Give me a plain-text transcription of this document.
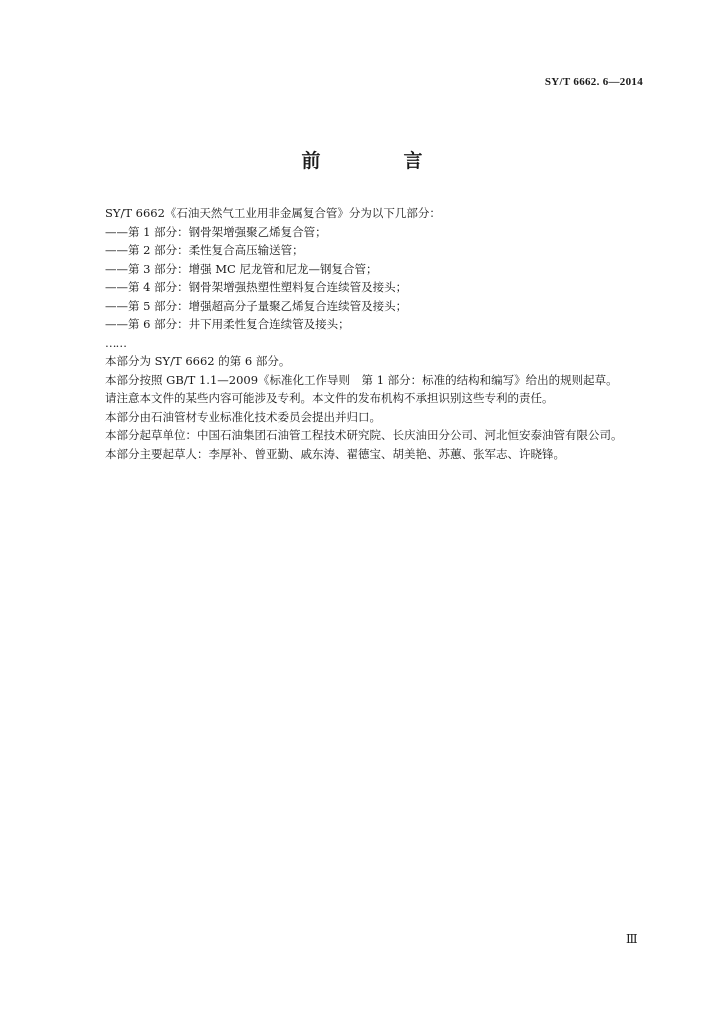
SY/T 6662. 6—2014
前　言

SY/T 6662《石油天然气工业用非金属复合管》分为以下几部分：

——第 1 部分：钢骨架增强聚乙烯复合管；

——第 2 部分：柔性复合高压输送管；

——第 3 部分：增强 MC 尼龙管和尼龙—钢复合管；

——第 4 部分：钢骨架增强热塑性塑料复合连续管及接头；

——第 5 部分：增强超高分子量聚乙烯复合连续管及接头；

——第 6 部分：井下用柔性复合连续管及接头；

……

本部分为 SY/T 6662 的第 6 部分。

本部分按照 GB/T 1.1—2009《标准化工作导则　第 1 部分：标准的结构和编写》给出的规则起草。

请注意本文件的某些内容可能涉及专利。本文件的发布机构不承担识别这些专利的责任。

本部分由石油管材专业标准化技术委员会提出并归口。

本部分起草单位：中国石油集团石油管工程技术研究院、长庆油田分公司、河北恒安泰油管有限公司。

本部分主要起草人：李厚补、曾亚勤、戚东涛、翟德宝、胡美艳、苏蕙、张军志、许晓锋。

Ⅲ
